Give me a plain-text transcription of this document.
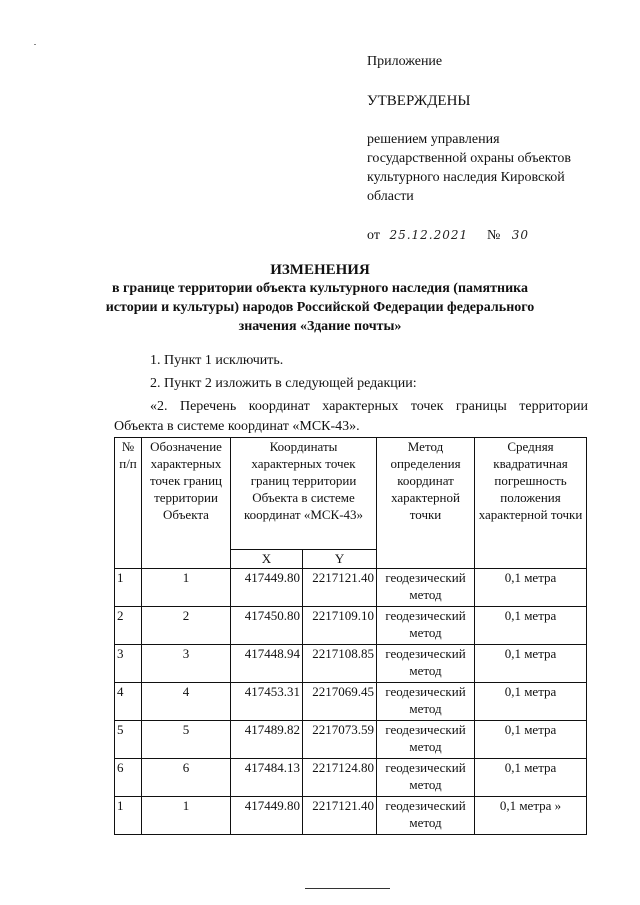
Приложение
УТВЕРЖДЕНЫ
решением управления
государственной охраны объектов
культурного наследия Кировской
области
от 25.12.2021 № 30
ИЗМЕНЕНИЯ
в границе территории объекта культурного наследия (памятника
истории и культуры) народов Российской Федерации федерального
значения «Здание почты»
1. Пункт 1 исключить.
2. Пункт 2 изложить в следующей редакции:
«2. Перечень координат характерных точек границы территории
Объекта в системе координат «МСК-43».
№ п/п	Обозначение характерных точек границ территории Объекта	Координаты характерных точек границ территории Объекта в системе координат «МСК-43»		Метод определения координат характерной точки	Средняя квадратичная погрешность положения характерной точки
		X	Y		
1	1	417449.80	2217121.40	геодезический метод	0,1 метра
2	2	417450.80	2217109.10	геодезический метод	0,1 метра
3	3	417448.94	2217108.85	геодезический метод	0,1 метра
4	4	417453.31	2217069.45	геодезический метод	0,1 метра
5	5	417489.82	2217073.59	геодезический метод	0,1 метра
6	6	417484.13	2217124.80	геодезический метод	0,1 метра
1	1	417449.80	2217121.40	геодезический метод	0,1 метра »
